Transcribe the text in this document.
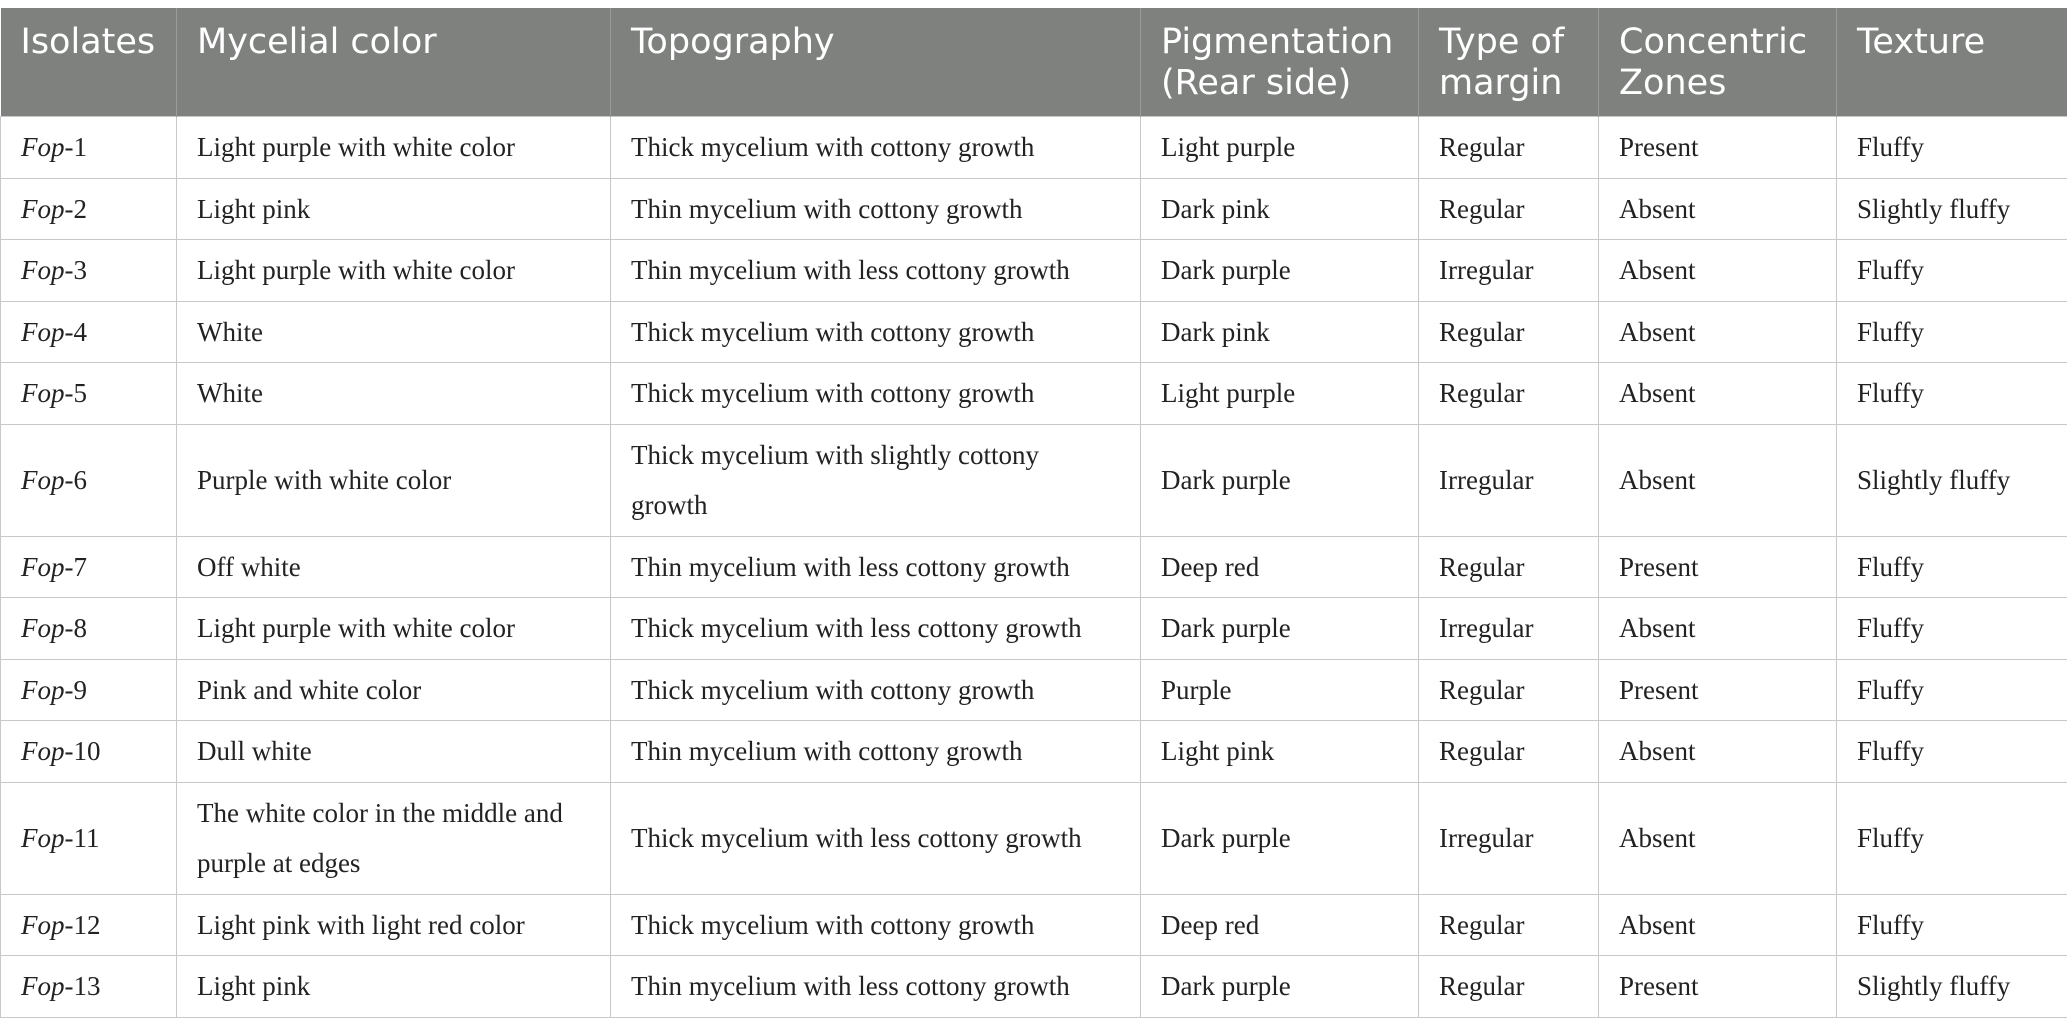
Isolates	Mycelial color	Topography	Pigmentation (Rear side)	Type of margin	Concentric Zones	Texture
Fop-1	Light purple with white color	Thick mycelium with cottony growth	Light purple	Regular	Present	Fluffy
Fop-2	Light pink	Thin mycelium with cottony growth	Dark pink	Regular	Absent	Slightly fluffy
Fop-3	Light purple with white color	Thin mycelium with less cottony growth	Dark purple	Irregular	Absent	Fluffy
Fop-4	White	Thick mycelium with cottony growth	Dark pink	Regular	Absent	Fluffy
Fop-5	White	Thick mycelium with cottony growth	Light purple	Regular	Absent	Fluffy
Fop-6	Purple with white color	Thick mycelium with slightly cottony growth	Dark purple	Irregular	Absent	Slightly fluffy
Fop-7	Off white	Thin mycelium with less cottony growth	Deep red	Regular	Present	Fluffy
Fop-8	Light purple with white color	Thick mycelium with less cottony growth	Dark purple	Irregular	Absent	Fluffy
Fop-9	Pink and white color	Thick mycelium with cottony growth	Purple	Regular	Present	Fluffy
Fop-10	Dull white	Thin mycelium with cottony growth	Light pink	Regular	Absent	Fluffy
Fop-11	The white color in the middle and purple at edges	Thick mycelium with less cottony growth	Dark purple	Irregular	Absent	Fluffy
Fop-12	Light pink with light red color	Thick mycelium with cottony growth	Deep red	Regular	Absent	Fluffy
Fop-13	Light pink	Thin mycelium with less cottony growth	Dark purple	Regular	Present	Slightly fluffy
